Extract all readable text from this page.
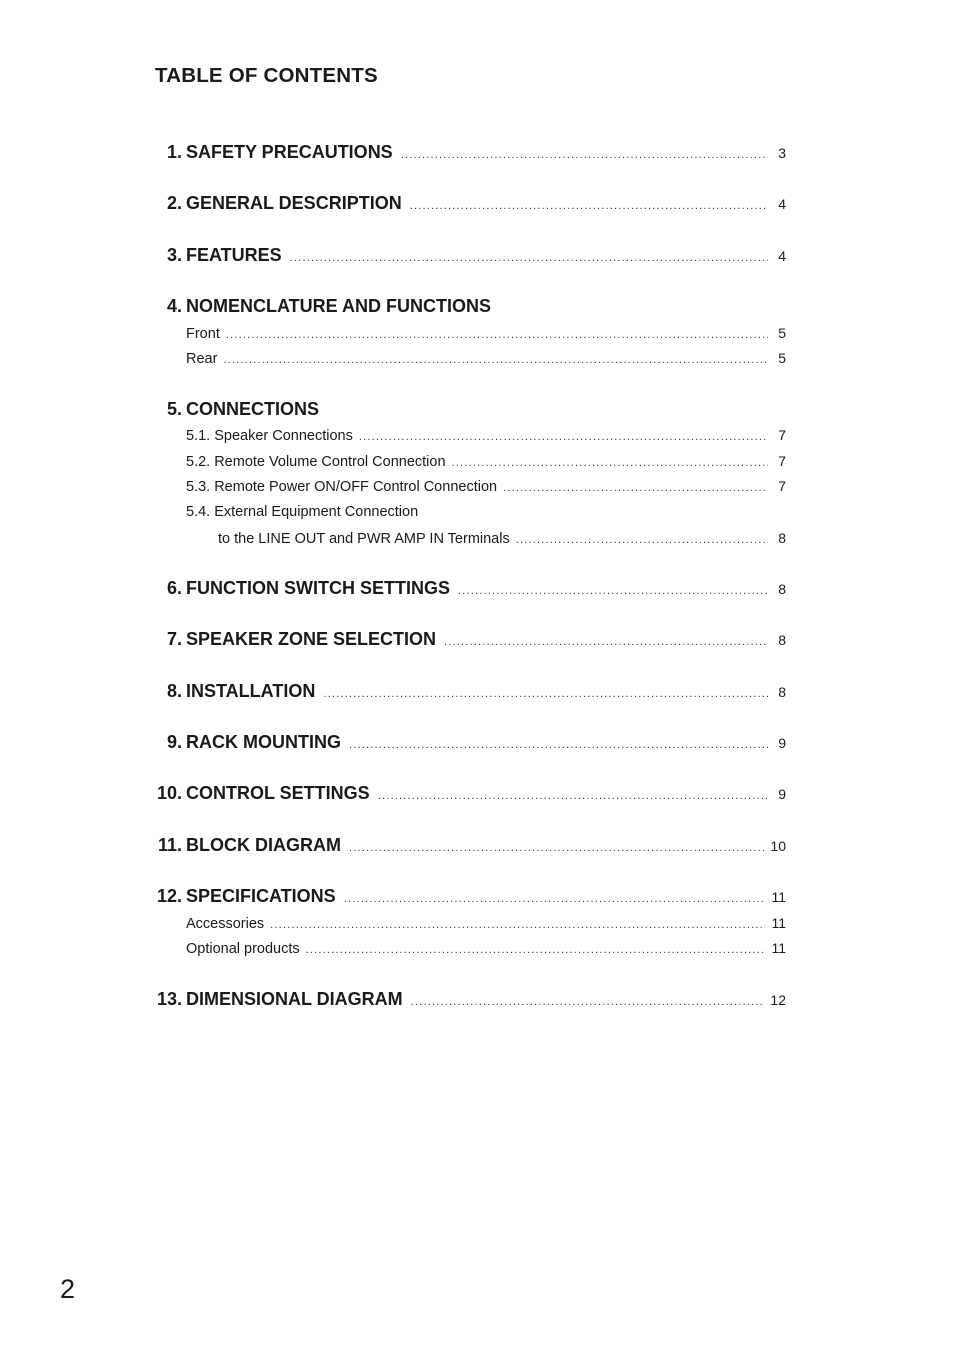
TABLE OF CONTENTS
1. SAFETY PRECAUTIONS .....	3
2. GENERAL DESCRIPTION .....	4
3. FEATURES .....	4
4. NOMENCLATURE AND FUNCTIONS
Front .....	5
Rear .....	5
5. CONNECTIONS
5.1. Speaker Connections .....	7
5.2. Remote Volume Control Connection .....	7
5.3. Remote Power ON/OFF Control Connection .....	7
5.4. External Equipment Connection
to the LINE OUT and PWR AMP IN Terminals .....	8
6. FUNCTION SWITCH SETTINGS .....	8
7. SPEAKER ZONE SELECTION .....	8
8. INSTALLATION .....	8
9. RACK MOUNTING .....	9
10. CONTROL SETTINGS .....	9
11. BLOCK DIAGRAM .....	10
12. SPECIFICATIONS .....	11
Accessories .....	11
Optional products .....	11
13. DIMENSIONAL DIAGRAM .....	12
2
